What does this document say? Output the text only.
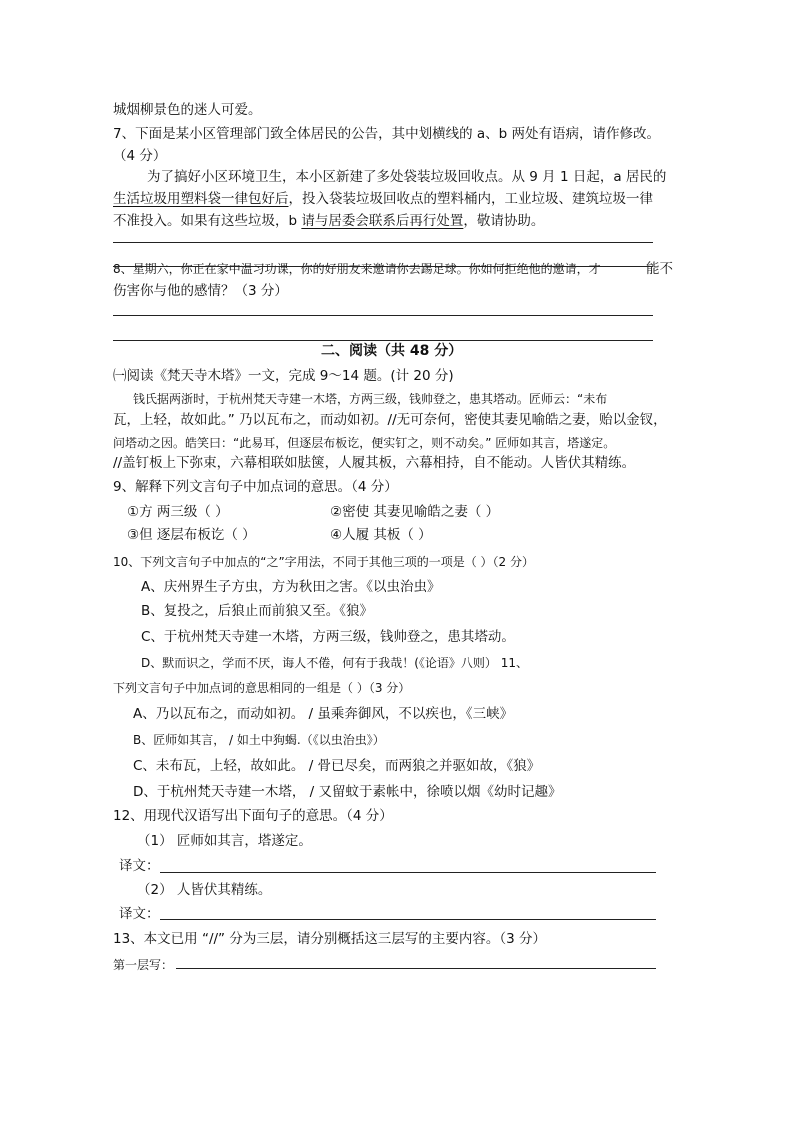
城烟柳景色的迷人可爱。
7、下面是某小区管理部门致全体居民的公告，其中划横线的 a、b 两处有语病，请作修改。
（4 分）
为了搞好小区环境卫生，本小区新建了多处袋装垃圾回收点。从 9 月 1 日起，a 居民的
生活垃圾用塑料袋一律包好后，投入袋装垃圾回收点的塑料桶内，工业垃圾、建筑垃圾一律
不准投入。如果有这些垃圾，b 请与居委会联系后再行处置，敬请协助。
8、星期六，你正在家中温习功课，你的好朋友来邀请你去踢足球。你如何拒绝他的邀请，才	能不
伤害你与他的感情？（3 分）
二、阅读（共 48 分）
㈠阅读《梵天寺木塔》一文，完成 9～14 题。(计 20 分)
钱氏据两浙时，于杭州梵天寺建一木塔，方两三级，钱帅登之，患其塔动。匠师云：“未布
瓦，上轻，故如此。” 乃以瓦布之，而动如初。//无可奈何，密使其妻见喻皓之妻，贻以金钗，
问塔动之因。皓笑曰：“此易耳，但逐层布板讫，便实钉之，则不动矣。” 匠师如其言，塔遂定。
//盖钉板上下弥束，六幕相联如胠箧，人履其板，六幕相持，自不能动。人皆伏其精练。
9、解释下列文言句子中加点词的意思。（4 分）
①方 两三级（ ）	②密使 其妻见喻皓之妻（ ）
③但 逐层布板讫（ ）	④人履 其板（ ）
10、下列文言句子中加点的“之”字用法，不同于其他三项的一项是（ ）（2 分）
A、庆州界生子方虫，方为秋田之害。《以虫治虫》
B、复投之，后狼止而前狼又至。《狼》
C、于杭州梵天寺建一木塔，方两三级，钱帅登之，患其塔动。
D、默而识之，学而不厌，诲人不倦，何有于我哉！(《论语》八则） 11、
下列文言句子中加点词的意思相同的一组是（ ）（3 分）
A、乃以瓦布之，而动如初。 / 虽乘奔御风，不以疾也，《三峡》
B、匠师如其言， / 如土中狗蝎.（《以虫治虫》）
C、未布瓦，上轻，故如此。 / 骨已尽矣，而两狼之并驱如故，《狼》
D、于杭州梵天寺建一木塔， / 又留蚊于素帐中，徐喷以烟《幼时记趣》
12、用现代汉语写出下面句子的意思。（4 分）
（1） 匠师如其言，塔遂定。
译文：
（2） 人皆伏其精练。
译文：
13、本文已用 “//” 分为三层，请分别概括这三层写的主要内容。（3 分）
第一层写：
